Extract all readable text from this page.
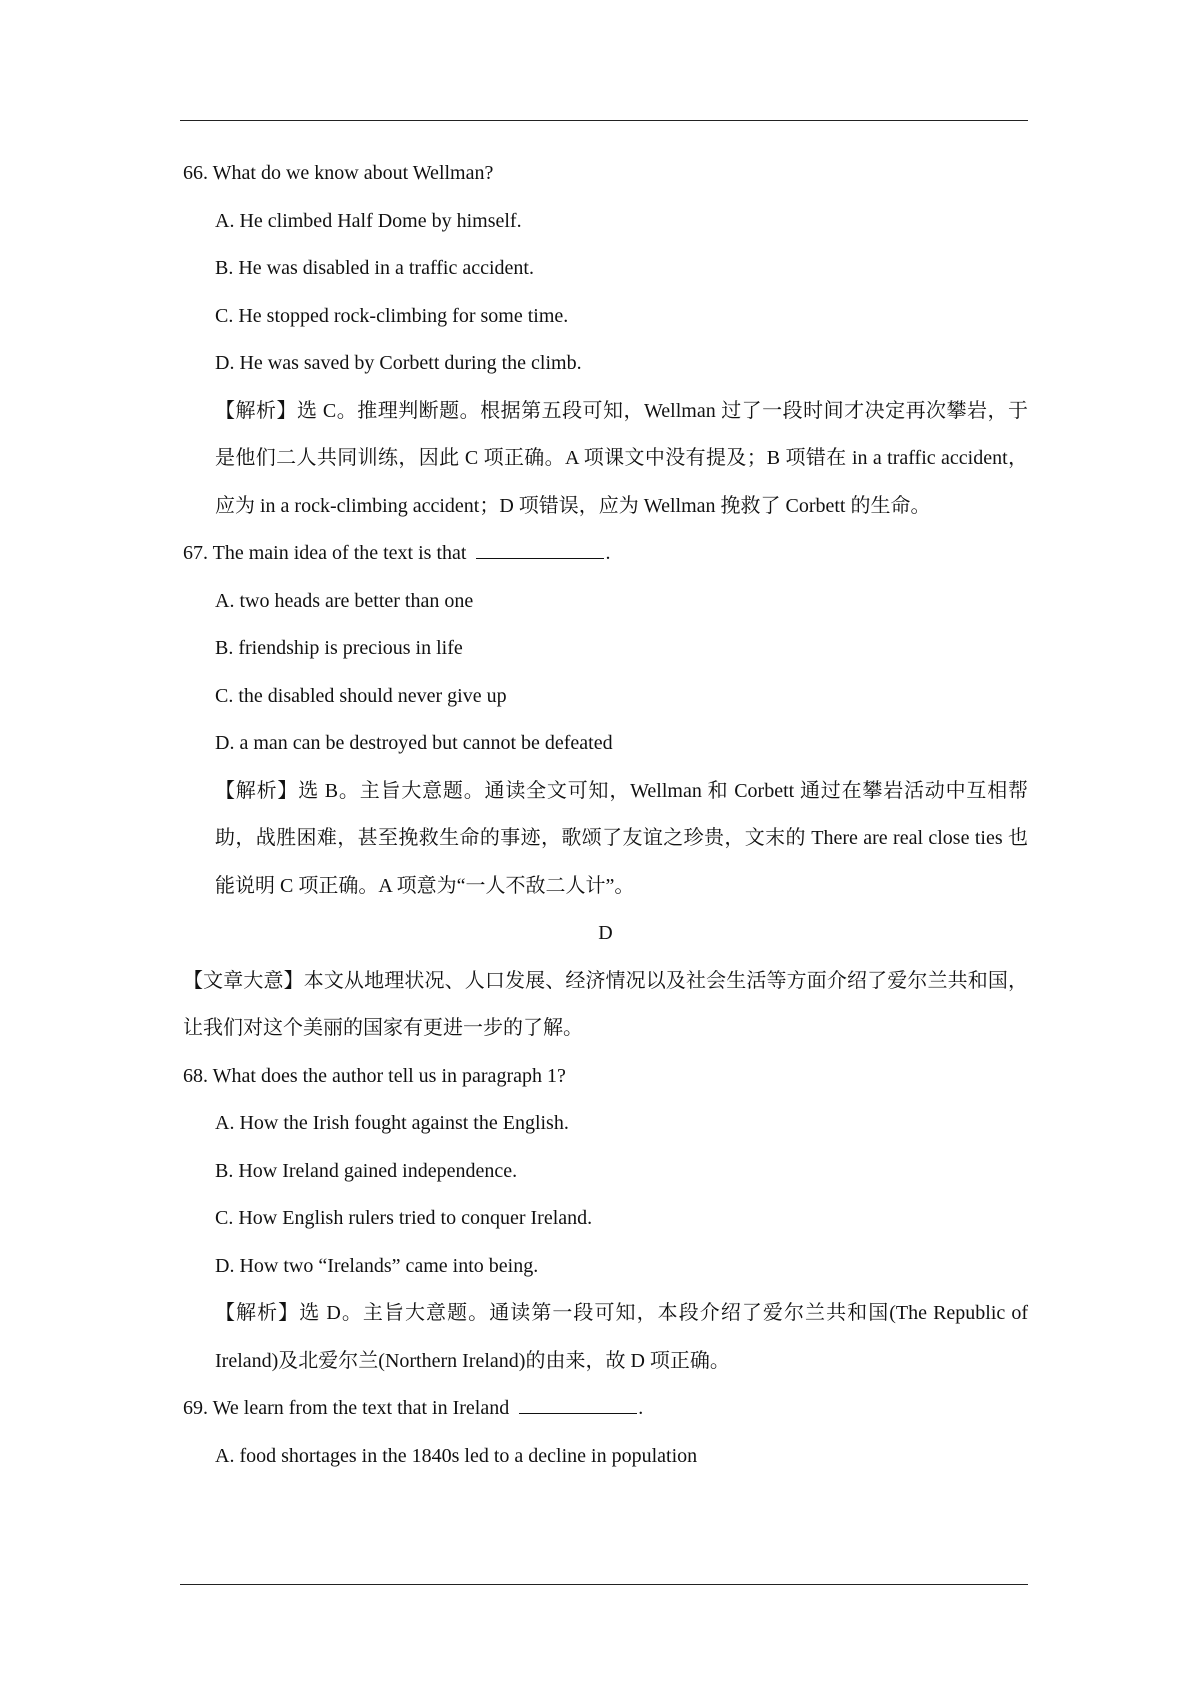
66. What do we know about Wellman?
A. He climbed Half Dome by himself.
B. He was disabled in a traffic accident.
C. He stopped rock-climbing for some time.
D. He was saved by Corbett during the climb.
【解析】选 C。推理判断题。根据第五段可知，Wellman 过了一段时间才决定再次攀岩，于是他们二人共同训练，因此 C 项正确。A 项课文中没有提及；B 项错在 in a traffic accident，应为 in a rock-climbing accident；D 项错误，应为 Wellman 挽救了 Corbett 的生命。
67. The main idea of the text is that	.
A. two heads are better than one
B. friendship is precious in life
C. the disabled should never give up
D. a man can be destroyed but cannot be defeated
【解析】选 B。主旨大意题。通读全文可知，Wellman 和 Corbett 通过在攀岩活动中互相帮助，战胜困难，甚至挽救生命的事迹，歌颂了友谊之珍贵，文末的 There are real close ties 也能说明 C 项正确。A 项意为“一人不敌二人计”。
D
【文章大意】本文从地理状况、人口发展、经济情况以及社会生活等方面介绍了爱尔兰共和国，让我们对这个美丽的国家有更进一步的了解。
68. What does the author tell us in paragraph 1?
A. How the Irish fought against the English.
B. How Ireland gained independence.
C. How English rulers tried to conquer Ireland.
D. How two “Irelands” came into being.
【解析】选 D。主旨大意题。通读第一段可知，本段介绍了爱尔兰共和国(The Republic of Ireland)及北爱尔兰(Northern Ireland)的由来，故 D 项正确。
69. We learn from the text that in Ireland	.
A. food shortages in the 1840s led to a decline in population
